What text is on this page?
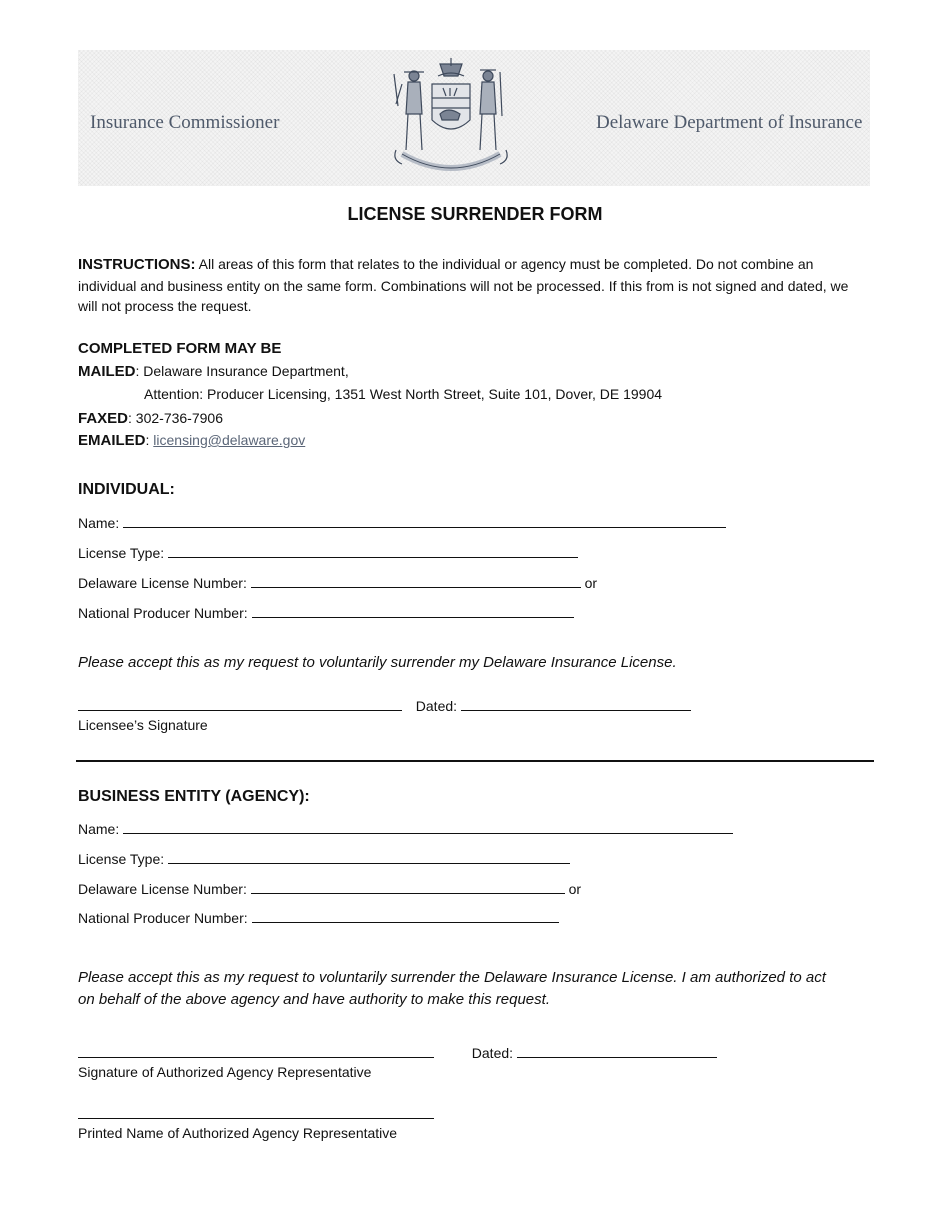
Insurance Commissioner	Delaware Department of Insurance
LICENSE SURRENDER FORM
INSTRUCTIONS: All areas of this form that relates to the individual or agency must be completed. Do not combine an individual and business entity on the same form. Combinations will not be processed. If this from is not signed and dated, we will not process the request.
COMPLETED FORM MAY BE
MAILED: Delaware Insurance Department,
Attention: Producer Licensing, 1351 West North Street, Suite 101, Dover, DE 19904
FAXED: 302-736-7906
EMAILED: licensing@delaware.gov
INDIVIDUAL:
Name:
License Type:
Delaware License Number:	or
National Producer Number:
Please accept this as my request to voluntarily surrender my Delaware Insurance License.
Dated:
Licensee’s Signature
BUSINESS ENTITY (AGENCY):
Name:
License Type:
Delaware License Number:	or
National Producer Number:
Please accept this as my request to voluntarily surrender the Delaware Insurance License. I am authorized to act
on behalf of the above agency and have authority to make this request.
Dated:
Signature of Authorized Agency Representative
Printed Name of Authorized Agency Representative
